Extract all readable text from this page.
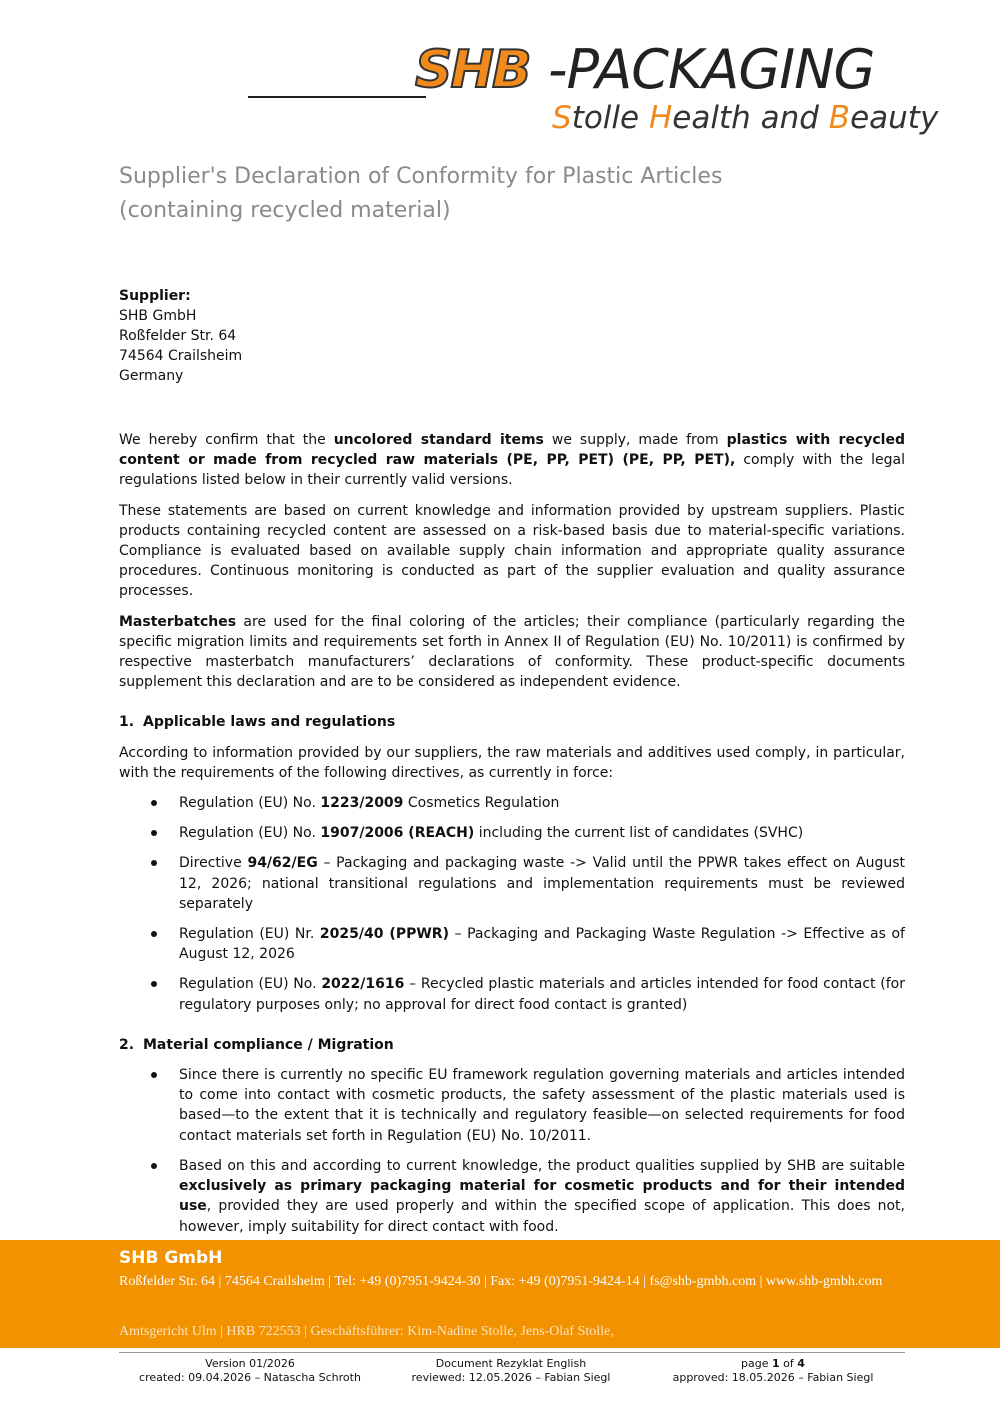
SHB -PACKAGING
Stolle Health and Beauty
Supplier's Declaration of Conformity for Plastic Articles
(containing recycled material)
Supplier:
SHB GmbH
Roßfelder Str. 64
74564 Crailsheim
Germany

We hereby confirm that the uncolored standard items we supply, made from plastics with recycled content or made from recycled raw materials (PE, PP, PET) (PE, PP, PET), comply with the legal regulations listed below in their currently valid versions.

These statements are based on current knowledge and information provided by upstream suppliers. Plastic products containing recycled content are assessed on a risk-based basis due to material-specific variations. Compliance is evaluated based on available supply chain information and appropriate quality assurance procedures. Continuous monitoring is conducted as part of the supplier evaluation and quality assurance processes.

Masterbatches are used for the final coloring of the articles; their compliance (particularly regarding the specific migration limits and requirements set forth in Annex II of Regulation (EU) No. 10/2011) is confirmed by respective masterbatch manufacturers’ declarations of conformity. These product-specific documents supplement this declaration and are to be considered as independent evidence.

1. Applicable laws and regulations

According to information provided by our suppliers, the raw materials and additives used comply, in particular, with the requirements of the following directives, as currently in force:

Regulation (EU) No. 1223/2009 Cosmetics Regulation
Regulation (EU) No. 1907/2006 (REACH) including the current list of candidates (SVHC)
Directive 94/62/EG – Packaging and packaging waste -> Valid until the PPWR takes effect on August 12, 2026; national transitional regulations and implementation requirements must be reviewed separately
Regulation (EU) Nr. 2025/40 (PPWR) – Packaging and Packaging Waste Regulation -> Effective as of August 12, 2026
Regulation (EU) No. 2022/1616 – Recycled plastic materials and articles intended for food contact (for regulatory purposes only; no approval for direct food contact is granted)
2. Material compliance / Migration
Since there is currently no specific EU framework regulation governing materials and articles intended to come into contact with cosmetic products, the safety assessment of the plastic materials used is based—to the extent that it is technically and regulatory feasible—on selected requirements for food contact materials set forth in Regulation (EU) No. 10/2011.
Based on this and according to current knowledge, the product qualities supplied by SHB are suitable exclusively as primary packaging material for cosmetic products and for their intended use, provided they are used properly and within the specified scope of application. This does not, however, imply suitability for direct contact with food.
SHB GmbH
Roßfelder Str. 64 | 74564 Crailsheim | Tel: +49 (0)7951-9424-30 | Fax: +49 (0)7951-9424-14 | fs@shb-gmbh.com | www.shb-gmbh.com
Amtsgericht Ulm | HRB 722553 | Geschäftsführer: Kim-Nadine Stolle, Jens-Olaf Stolle,
Version 01/2026
created: 09.04.2026 – Natascha Schroth
Document Rezyklat English
reviewed: 12.05.2026 – Fabian Siegl
page 1 of 4
approved: 18.05.2026 – Fabian Siegl
